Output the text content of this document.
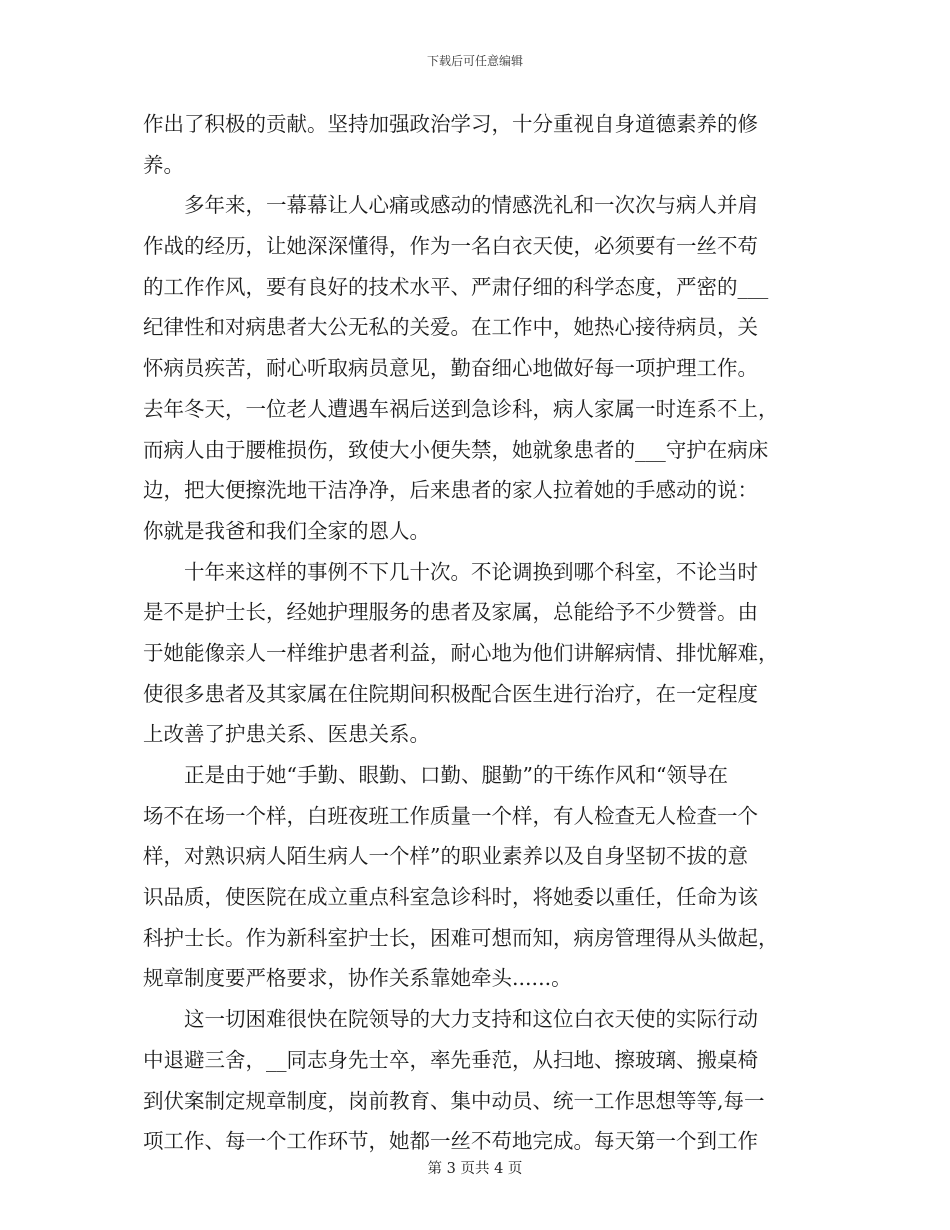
下载后可任意编辑
作出了积极的贡献。坚持加强政治学习，十分重视自身道德素养的修
养。
多年来，一幕幕让人心痛或感动的情感洗礼和一次次与病人并肩
作战的经历，让她深深懂得，作为一名白衣天使，必须要有一丝不苟
的工作作风，要有良好的技术水平、严肃仔细的科学态度，严密的___
纪律性和对病患者大公无私的关爱。在工作中，她热心接待病员，关
怀病员疾苦，耐心听取病员意见，勤奋细心地做好每一项护理工作。
去年冬天，一位老人遭遇车祸后送到急诊科，病人家属一时连系不上，
而病人由于腰椎损伤，致使大小便失禁，她就象患者的___守护在病床
边，把大便擦洗地干洁净净，后来患者的家人拉着她的手感动的说：
你就是我爸和我们全家的恩人。
十年来这样的事例不下几十次。不论调换到哪个科室，不论当时
是不是护士长，经她护理服务的患者及家属，总能给予不少赞誉。由
于她能像亲人一样维护患者利益，耐心地为他们讲解病情、排忧解难，
使很多患者及其家属在住院期间积极配合医生进行治疗，在一定程度
上改善了护患关系、医患关系。
正是由于她“手勤、眼勤、口勤、腿勤”的干练作风和“领导在
场不在场一个样，白班夜班工作质量一个样，有人检查无人检查一个
样，对熟识病人陌生病人一个样”的职业素养以及自身坚韧不拔的意
识品质，使医院在成立重点科室急诊科时，将她委以重任，任命为该
科护士长。作为新科室护士长，困难可想而知，病房管理得从头做起，
规章制度要严格要求，协作关系靠她牵头......。
这一切困难很快在院领导的大力支持和这位白衣天使的实际行动
中退避三舍，__同志身先士卒，率先垂范，从扫地、擦玻璃、搬桌椅
到伏案制定规章制度，岗前教育、集中动员、统一工作思想等等,每一
项工作、每一个工作环节，她都一丝不苟地完成。每天第一个到工作
第 3 页共 4 页
